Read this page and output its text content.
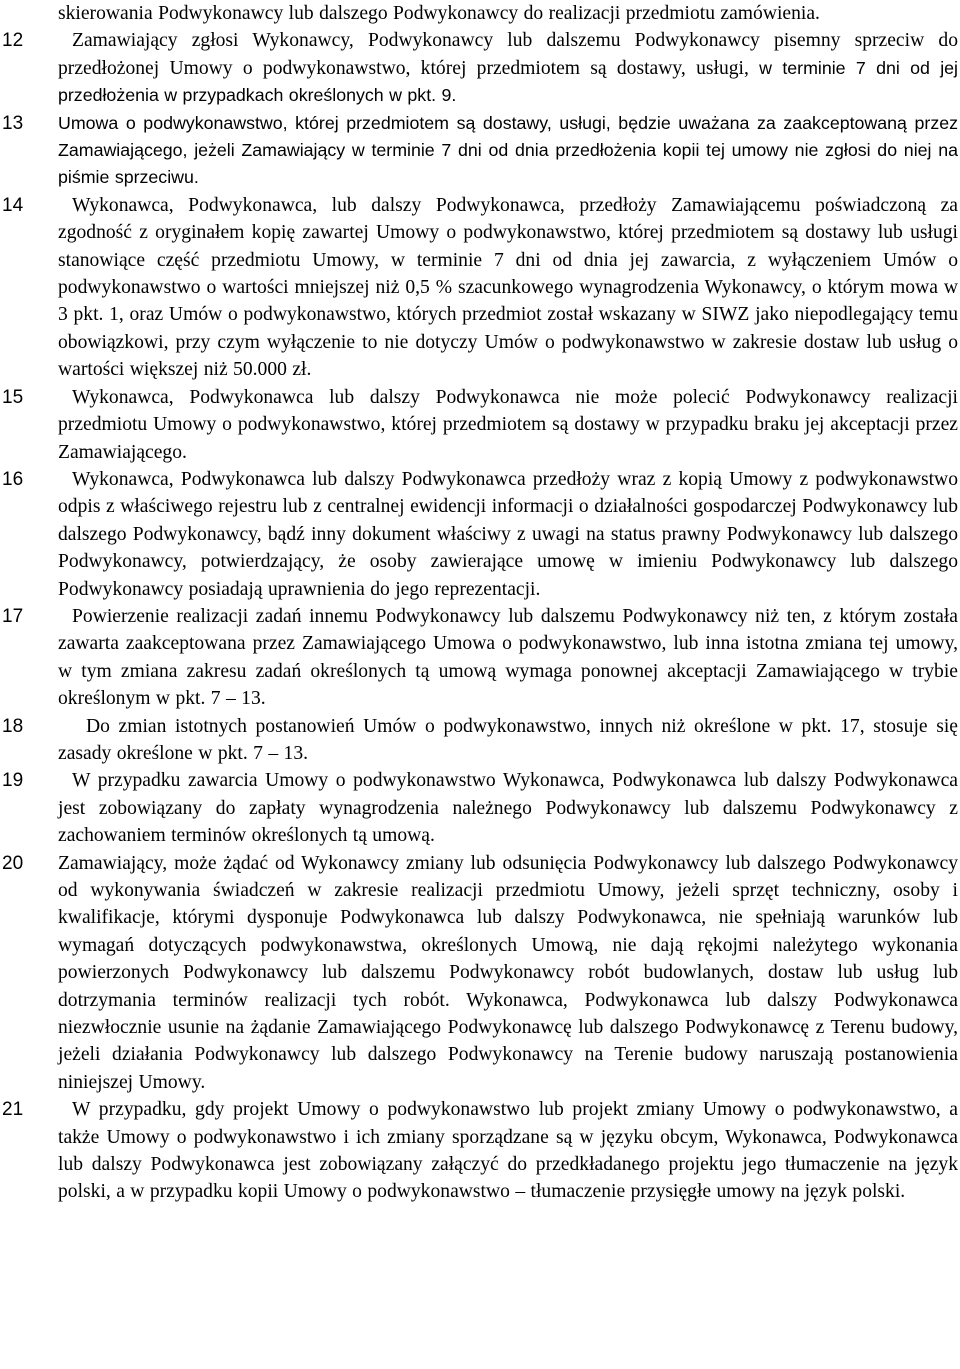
skierowania Podwykonawcy lub dalszego Podwykonawcy do realizacji przedmiotu zamówienia.

12	Zamawiający zgłosi Wykonawcy, Podwykonawcy lub dalszemu Podwykonawcy pisemny sprzeciw do przedłożonej Umowy o podwykonawstwo, której przedmiotem są dostawy, usługi, w terminie 7 dni od jej przedłożenia w przypadkach określonych w pkt. 9.

13 Umowa o podwykonawstwo, której przedmiotem są dostawy, usługi, będzie uważana za zaakceptowaną przez Zamawiającego, jeżeli Zamawiający w terminie 7 dni od dnia przedłożenia kopii tej umowy nie zgłosi do niej na piśmie sprzeciwu.

14	Wykonawca, Podwykonawca, lub dalszy Podwykonawca, przedłoży Zamawiającemu poświadczoną za zgodność z oryginałem kopię zawartej Umowy o podwykonawstwo, której przedmiotem są dostawy lub usługi stanowiące część przedmiotu Umowy, w terminie 7 dni od dnia jej zawarcia, z wyłączeniem Umów o podwykonawstwo o wartości mniejszej niż 0,5 % szacunkowego wynagrodzenia Wykonawcy, o którym mowa w 3 pkt. 1, oraz Umów o podwykonawstwo, których przedmiot został wskazany w SIWZ jako niepodlegający temu obowiązkowi, przy czym wyłączenie to nie dotyczy Umów o podwykonawstwo w zakresie dostaw lub usług o wartości większej niż 50.000 zł.

15	Wykonawca, Podwykonawca lub dalszy Podwykonawca nie może polecić Podwykonawcy realizacji przedmiotu Umowy o podwykonawstwo, której przedmiotem są dostawy w przypadku braku jej akceptacji przez Zamawiającego.

16	Wykonawca, Podwykonawca lub dalszy Podwykonawca przedłoży wraz z kopią Umowy z podwykonawstwo odpis z właściwego rejestru lub z centralnej ewidencji informacji o działalności gospodarczej Podwykonawcy lub dalszego Podwykonawcy, bądź inny dokument właściwy z uwagi na status prawny Podwykonawcy lub dalszego Podwykonawcy, potwierdzający, że osoby zawierające umowę w imieniu Podwykonawcy lub dalszego Podwykonawcy posiadają uprawnienia do jego reprezentacji.

17	Powierzenie realizacji zadań innemu Podwykonawcy lub dalszemu Podwykonawcy niż ten, z którym została zawarta zaakceptowana przez Zamawiającego Umowa o podwykonawstwo, lub inna istotna zmiana tej umowy, w tym zmiana zakresu zadań określonych tą umową wymaga ponownej akceptacji Zamawiającego w trybie określonym w pkt. 7 – 13.

18	Do zmian istotnych postanowień Umów o podwykonawstwo, innych niż określone w pkt. 17, stosuje się zasady określone w pkt. 7 – 13.

19	W przypadku zawarcia Umowy o podwykonawstwo Wykonawca, Podwykonawca lub dalszy Podwykonawca jest zobowiązany do zapłaty wynagrodzenia należnego Podwykonawcy lub dalszemu Podwykonawcy z zachowaniem terminów określonych tą umową.

20 Zamawiający, może żądać od Wykonawcy zmiany lub odsunięcia Podwykonawcy lub dalszego Podwykonawcy od wykonywania świadczeń w zakresie realizacji przedmiotu Umowy, jeżeli sprzęt techniczny, osoby i kwalifikacje, którymi dysponuje Podwykonawca lub dalszy Podwykonawca, nie spełniają warunków lub wymagań dotyczących podwykonawstwa, określonych Umową, nie dają rękojmi należytego wykonania powierzonych Podwykonawcy lub dalszemu Podwykonawcy robót budowlanych, dostaw lub usług lub dotrzymania terminów realizacji tych robót. Wykonawca, Podwykonawca lub dalszy Podwykonawca niezwłocznie usunie na żądanie Zamawiającego Podwykonawcę lub dalszego Podwykonawcę z Terenu budowy, jeżeli działania Podwykonawcy lub dalszego Podwykonawcy na Terenie budowy naruszają postanowienia niniejszej Umowy.

21	W przypadku, gdy projekt Umowy o podwykonawstwo lub projekt zmiany Umowy o podwykonawstwo, a także Umowy o podwykonawstwo i ich zmiany sporządzane są w języku obcym, Wykonawca, Podwykonawca lub dalszy Podwykonawca jest zobowiązany załączyć do przedkładanego projektu jego tłumaczenie na język polski, a w przypadku kopii Umowy o podwykonawstwo – tłumaczenie przysięgłe umowy na język polski.
